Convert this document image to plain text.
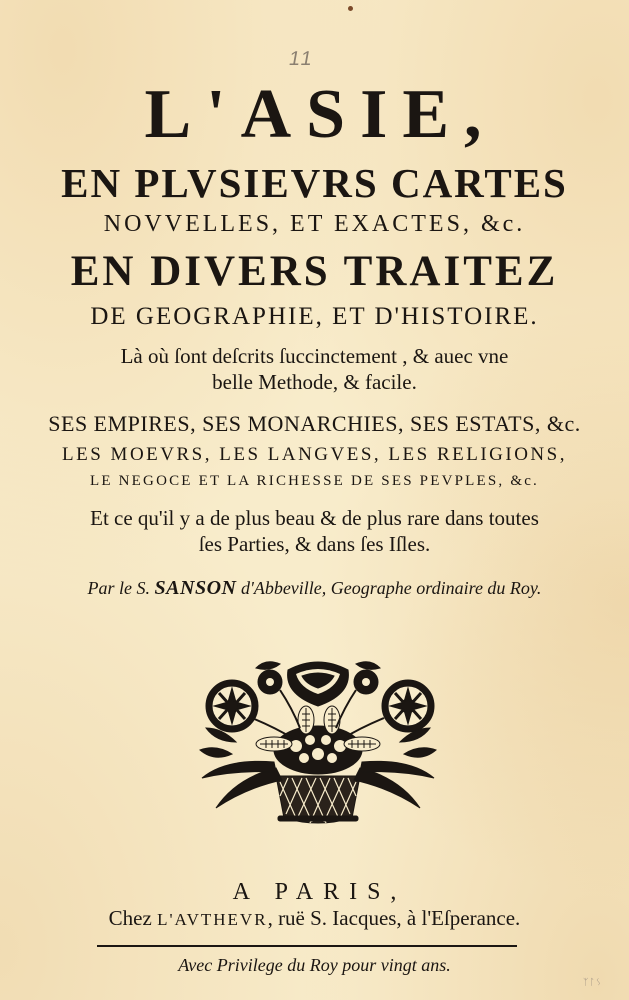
11
L'ASIE,
EN PLVSIEVRS CARTES
NOVVELLES, ET EXACTES, &c.
EN DIVERS TRAITEZ
DE GEOGRAPHIE, ET D'HISTOIRE.
Là où ſont deſcrits ſuccinctement , & auec vne
belle Methode, & facile.
SES EMPIRES, SES MONARCHIES, SES ESTATS, &c.
LES MOEVRS, LES LANGVES, LES RELIGIONS,
LE NEGOCE ET LA RICHESSE DE SES PEVPLES, &c.
Et ce qu'il y a de plus beau & de plus rare dans toutes
ſes Parties, & dans ſes Iſles.
Par le S. SANSON d'Abbeville, Geographe ordinaire du Roy.
A PARIS,
Chez L'AVTHEVR, ruë S. Iacques, à l'Eſperance.
Avec Privilege du Roy pour vingt ans.
ᛉᛚᛊ
